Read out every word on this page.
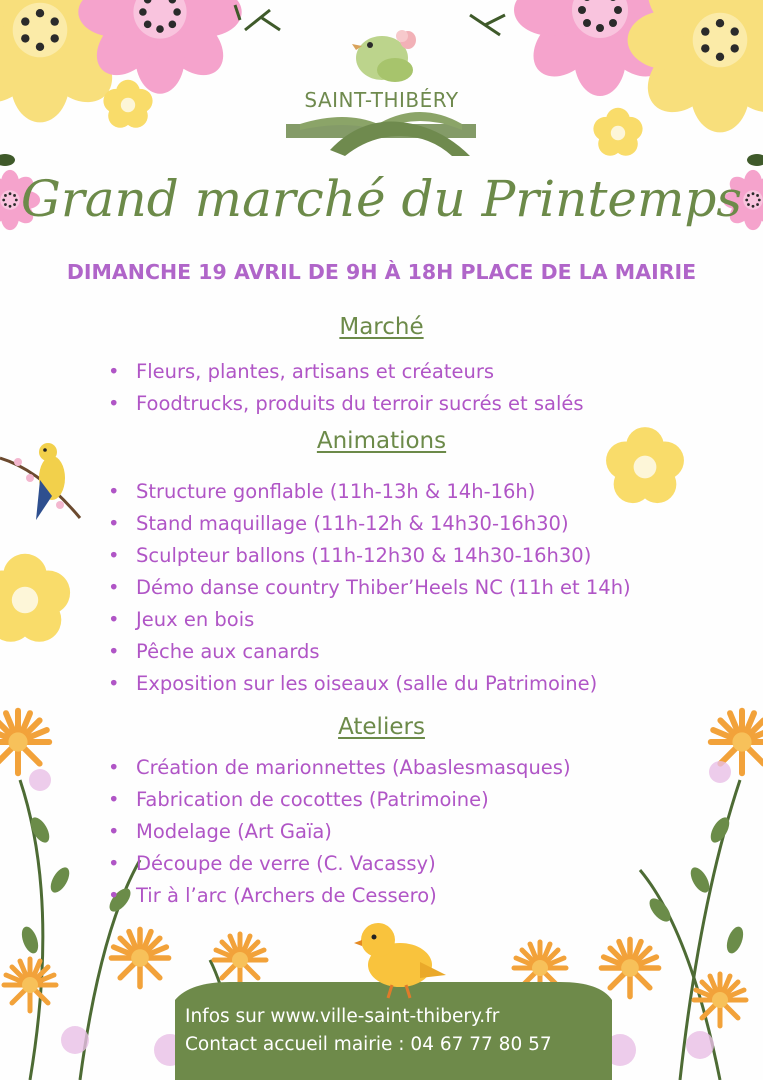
SAINT-THIBÉRY
Grand marché du Printemps
DIMANCHE 19 AVRIL DE 9H À 18H PLACE DE LA MAIRIE
Marché
• Fleurs, plantes, artisans et créateurs
• Foodtrucks, produits du terroir sucrés et salés
Animations
• Structure gonflable (11h-13h & 14h-16h)
• Stand maquillage (11h-12h & 14h30-16h30)
• Sculpteur ballons (11h-12h30 & 14h30-16h30)
• Démo danse country Thiber’Heels NC (11h et 14h)
• Jeux en bois
• Pêche aux canards
• Exposition sur les oiseaux (salle du Patrimoine)
Ateliers
• Création de marionnettes (Abaslesmasques)
• Fabrication de cocottes (Patrimoine)
• Modelage (Art Gaïa)
• Découpe de verre (C. Vacassy)
• Tir à l’arc (Archers de Cessero)
Infos sur www.ville-saint-thibery.fr
Contact accueil mairie : 04 67 77 80 57
